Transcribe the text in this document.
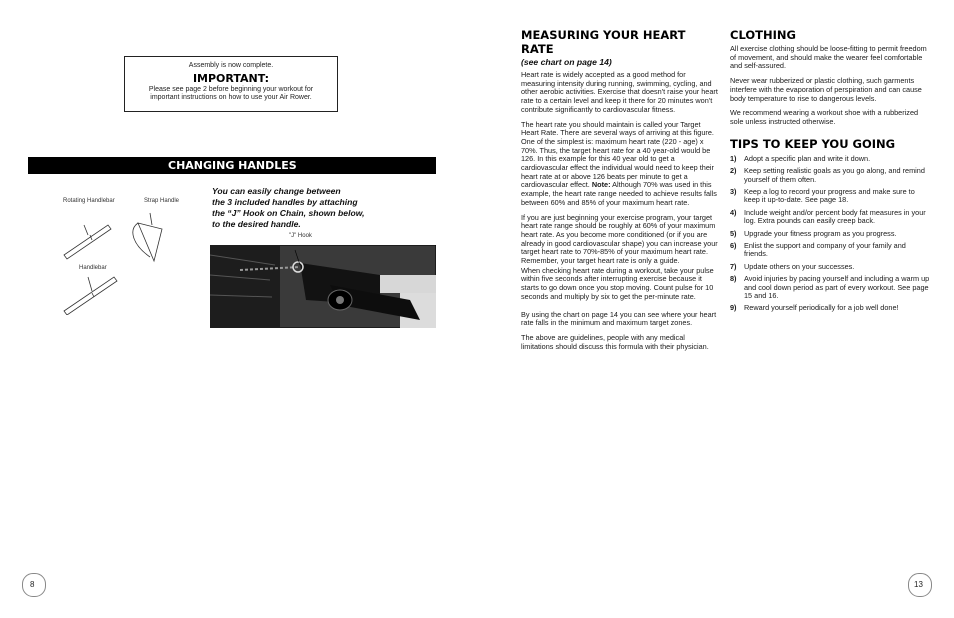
Assembly is now complete.
IMPORTANT:
Please see page 2 before beginning your workout for
important instructions on how to use your Air Rower.
CHANGING HANDLES
Rotating Handlebar	Strap Handle
Handlebar
"J" Hook
You can easily change between
the 3 included handles by attaching
the “J” Hook on Chain, shown below,
to the desired handle.
8
MEASURING YOUR HEART RATE
(see chart on page 14)

Heart rate is widely accepted as a good method for measuring intensity during running, swimming, cycling, and other aerobic activities. Exercise that doesn't raise your heart rate to a certain level and keep it there for 20 minutes won't contribute significantly to cardiovascular fitness.

The heart rate you should maintain is called your Target Heart Rate. There are several ways of arriving at this figure. One of the simplest is: maximum heart rate (220 - age) x 70%. Thus, the target heart rate for a 40 year-old would be 126. In this example for this 40 year old to get a cardiovascular effect the individual would need to keep their heart rate at or above 126 beats per minute to get a cardiovascular effect. Note: Although 70% was used in this example, the heart rate range needed to achieve results falls between 60% and 85% of your maximum heart rate.

If you are just beginning your exercise program, your target heart rate range should be roughly at 60% of your maximum heart rate. As you become more conditioned (or if you are already in good cardiovascular shape) you can increase your target heart rate to 70%-85% of your maximum heart rate. Remember, your target heart rate is only a guide.

When checking heart rate during a workout, take your pulse within five seconds after interrupting exercise because it starts to go down once you stop moving. Count pulse for 10 seconds and multiply by six to get the per-minute rate.

By using the chart on page 14 you can see where your heart rate falls in the minimum and maximum target zones.

The above are guidelines, people with any medical limitations should discuss this formula with their physician.

CLOTHING

All exercise clothing should be loose-fitting to permit freedom of movement, and should make the wearer feel comfortable and self-assured.

Never wear rubberized or plastic clothing, such garments interfere with the evaporation of perspiration and can cause body temperature to rise to dangerous levels.

We recommend wearing a workout shoe with a rubberized sole unless instructed otherwise.

TIPS TO KEEP YOU GOING
1)	Adopt a specific plan and write it down.
2)	Keep setting realistic goals as you go along, and remind yourself of them often.
3)	Keep a log to record your progress and make sure to keep it up-to-date. See page 18.
4)	Include weight and/or percent body fat measures in your log. Extra pounds can easily creep back.
5)	Upgrade your fitness program as you progress.
6)	Enlist the support and company of your family and friends.
7)	Update others on your successes.
8)	Avoid injuries by pacing yourself and including a warm up and cool down period as part of every workout. See page 15 and 16.
9)	Reward yourself periodically for a job well done!
13
